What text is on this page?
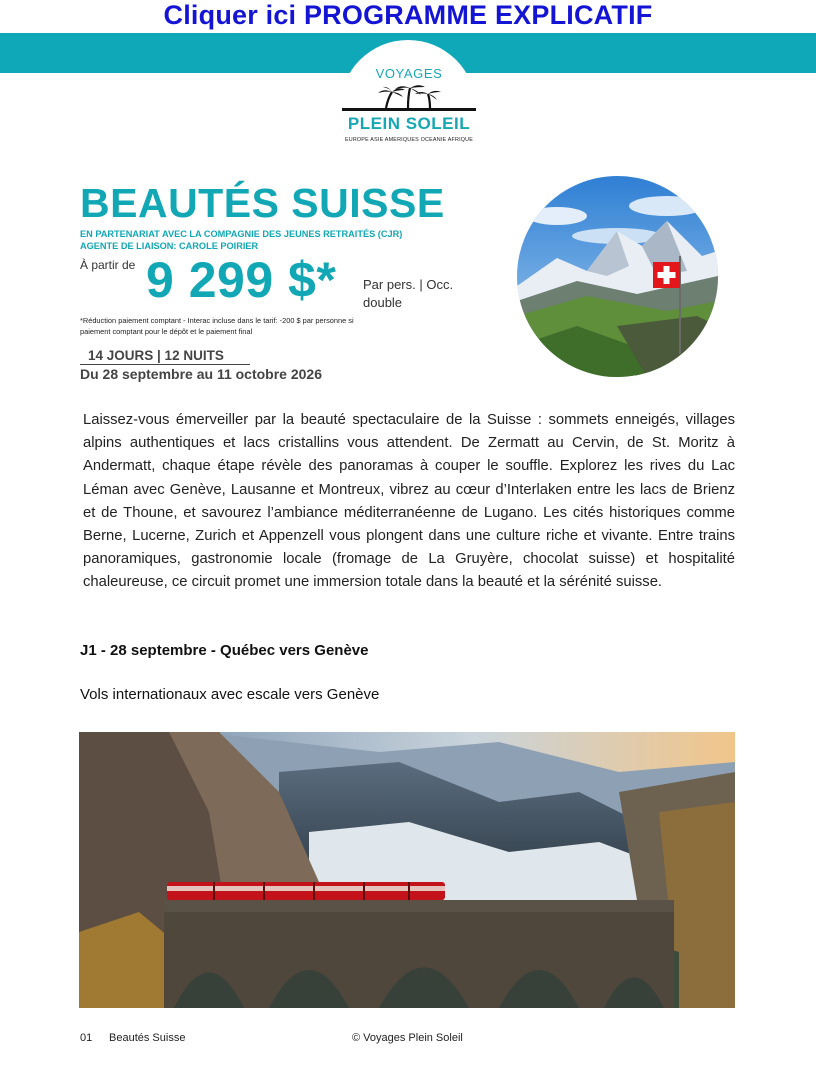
Cliquer ici PROGRAMME EXPLICATIF
VOYAGES
PLEIN SOLEIL
EUROPE ASIE AMERIQUES OCEANIE AFRIQUE
BEAUTÉS SUISSE
EN PARTENARIAT AVEC LA COMPAGNIE DES JEUNES RETRAITÉS (CJR)
AGENTE DE LIAISON: CAROLE POIRIER
À partir de 9 299 $* Par pers. | Occ. double
*Réduction paiement comptant - Interac incluse dans le tarif: -200 $ par personne si paiement comptant pour le dépôt et le paiement final
14 JOURS | 12 NUITS
Du 28 septembre au 11 octobre 2026
Laissez-vous émerveiller par la beauté spectaculaire de la Suisse : sommets enneigés, villages alpins authentiques et lacs cristallins vous attendent. De Zermatt au Cervin, de St. Moritz à Andermatt, chaque étape révèle des panoramas à couper le souffle. Explorez les rives du Lac Léman avec Genève, Lausanne et Montreux, vibrez au cœur d’Interlaken entre les lacs de Brienz et de Thoune, et savourez l’ambiance méditerranéenne de Lugano. Les cités historiques comme Berne, Lucerne, Zurich et Appenzell vous plongent dans une culture riche et vivante. Entre trains panoramiques, gastronomie locale (fromage de La Gruyère, chocolat suisse) et hospitalité chaleureuse, ce circuit promet une immersion totale dans la beauté et la sérénité suisse.
J1 - 28 septembre - Québec vers Genève
Vols internationaux avec escale vers Genève
01 Beautés Suisse	© Voyages Plein Soleil
